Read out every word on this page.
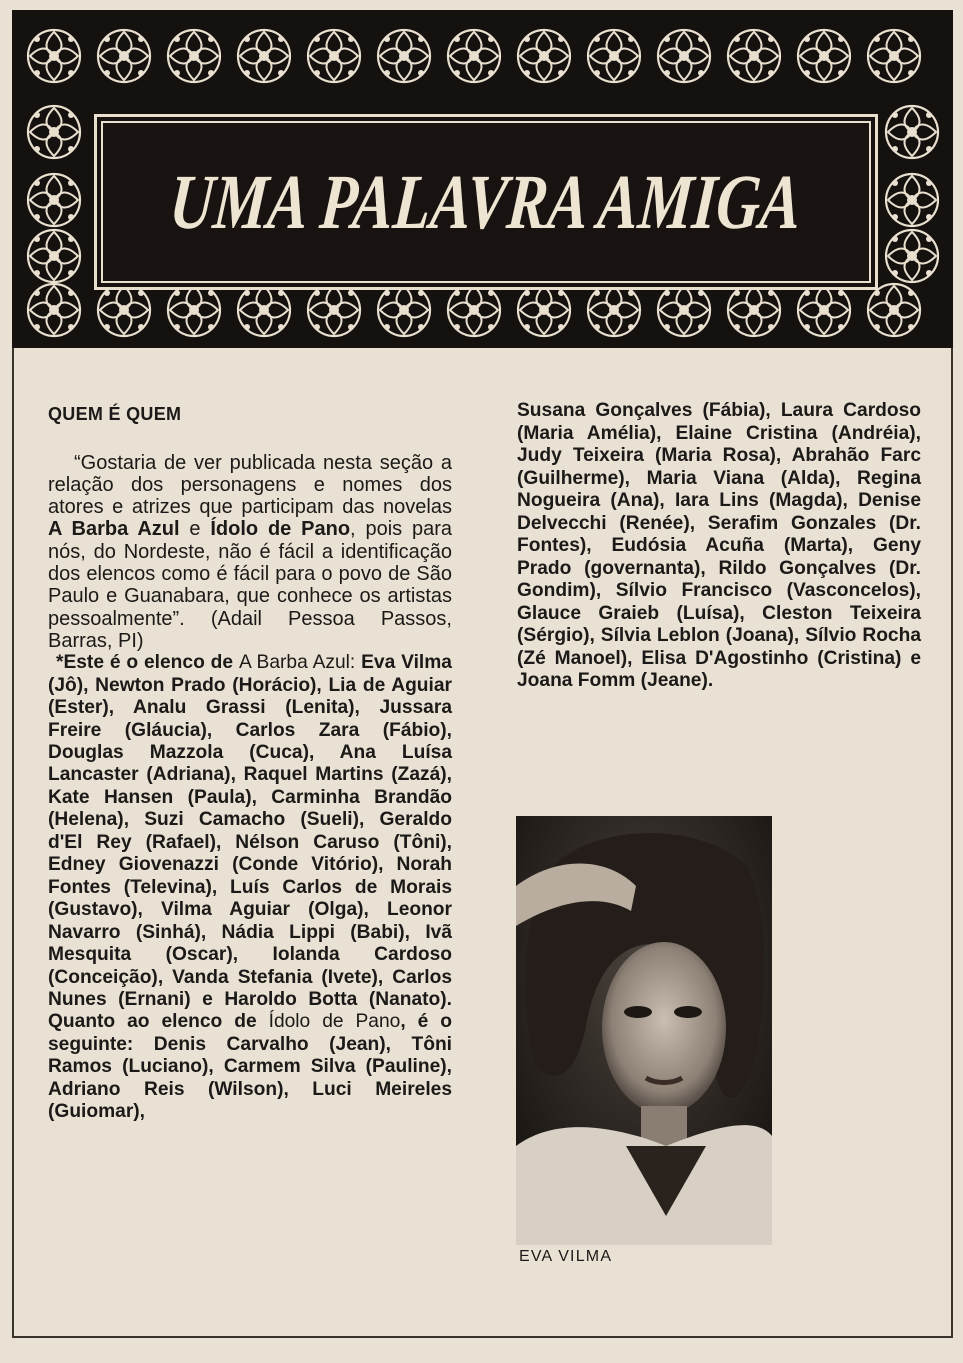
UMA PALAVRA AMIGA
QUEM É QUEM

“Gostaria de ver publicada nesta seção a relação dos personagens e nomes dos atores e atrizes que participam das novelas A Barba Azul e Ídolo de Pano, pois para nós, do Nordeste, não é fácil a identificação dos elencos como é fácil para o povo de São Paulo e Guanabara, que conhece os artistas pessoalmente”. (Adail Pessoa Passos, Barras, PI)

*Este é o elenco de A Barba Azul: Eva Vilma (Jô), Newton Prado (Horácio), Lia de Aguiar (Ester), Analu Grassi (Lenita), Jussara Freire (Gláucia), Carlos Zara (Fábio), Douglas Mazzola (Cuca), Ana Luísa Lancaster (Adriana), Raquel Martins (Zazá), Kate Hansen (Paula), Carminha Brandão (Helena), Suzi Camacho (Sueli), Geraldo d'El Rey (Rafael), Nélson Caruso (Tôni), Edney Giovenazzi (Conde Vitório), Norah Fontes (Televina), Luís Carlos de Morais (Gustavo), Vilma Aguiar (Olga), Leonor Navarro (Sinhá), Nádia Lippi (Babi), Ivã Mesquita (Oscar), Iolanda Cardoso (Conceição), Vanda Stefania (Ivete), Carlos Nunes (Ernani) e Haroldo Botta (Nanato). Quanto ao elenco de Ídolo de Pano, é o seguinte: Denis Carvalho (Jean), Tôni Ramos (Luciano), Carmem Silva (Pauline), Adriano Reis (Wilson), Luci Meireles (Guiomar),

Susana Gonçalves (Fábia), Laura Cardoso (Maria Amélia), Elaine Cristina (Andréia), Judy Teixeira (Maria Rosa), Abrahão Farc (Guilherme), Maria Viana (Alda), Regina Nogueira (Ana), Iara Lins (Magda), Denise Delvecchi (Renée), Serafim Gonzales (Dr. Fontes), Eudósia Acuña (Marta), Geny Prado (governanta), Rildo Gonçalves (Dr. Gondim), Sílvio Francisco (Vasconcelos), Glauce Graieb (Luísa), Cleston Teixeira (Sérgio), Sílvia Leblon (Joana), Sílvio Rocha (Zé Manoel), Elisa D'Agostinho (Cristina) e Joana Fomm (Jeane).

EVA VILMA
